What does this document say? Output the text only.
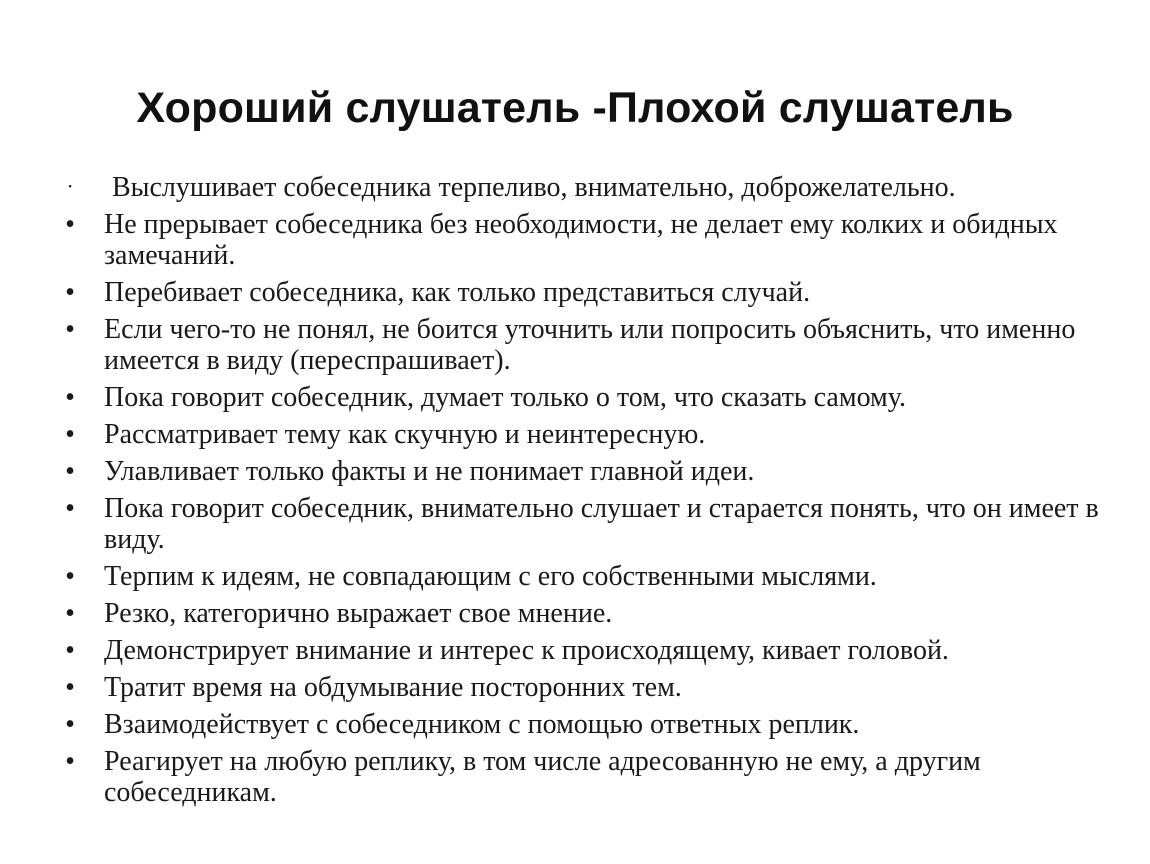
Хороший слушатель -Плохой слушатель
• Выслушивает собеседника терпеливо, внимательно, доброжелательно.
• Не прерывает собеседника без необходимости, не делает ему колких и обидных замечаний.
• Перебивает собеседника, как только представиться случай.
• Если чего-то не понял, не боится уточнить или попросить объяснить, что именно имеется в виду (переспрашивает).
• Пока говорит собеседник, думает только о том, что сказать самому.
• Рассматривает тему как скучную и неинтересную.
• Улавливает только факты и не понимает главной идеи.
• Пока говорит собеседник, внимательно слушает и старается понять, что он имеет в виду.
• Терпим к идеям, не совпадающим с его собственными мыслями.
• Резко, категорично выражает свое мнение.
• Демонстрирует внимание и интерес к происходящему, кивает головой.
• Тратит время на обдумывание посторонних тем.
• Взаимодействует с собеседником с помощью ответных реплик.
• Реагирует на любую реплику, в том числе адресованную не ему, а другим собеседникам.
